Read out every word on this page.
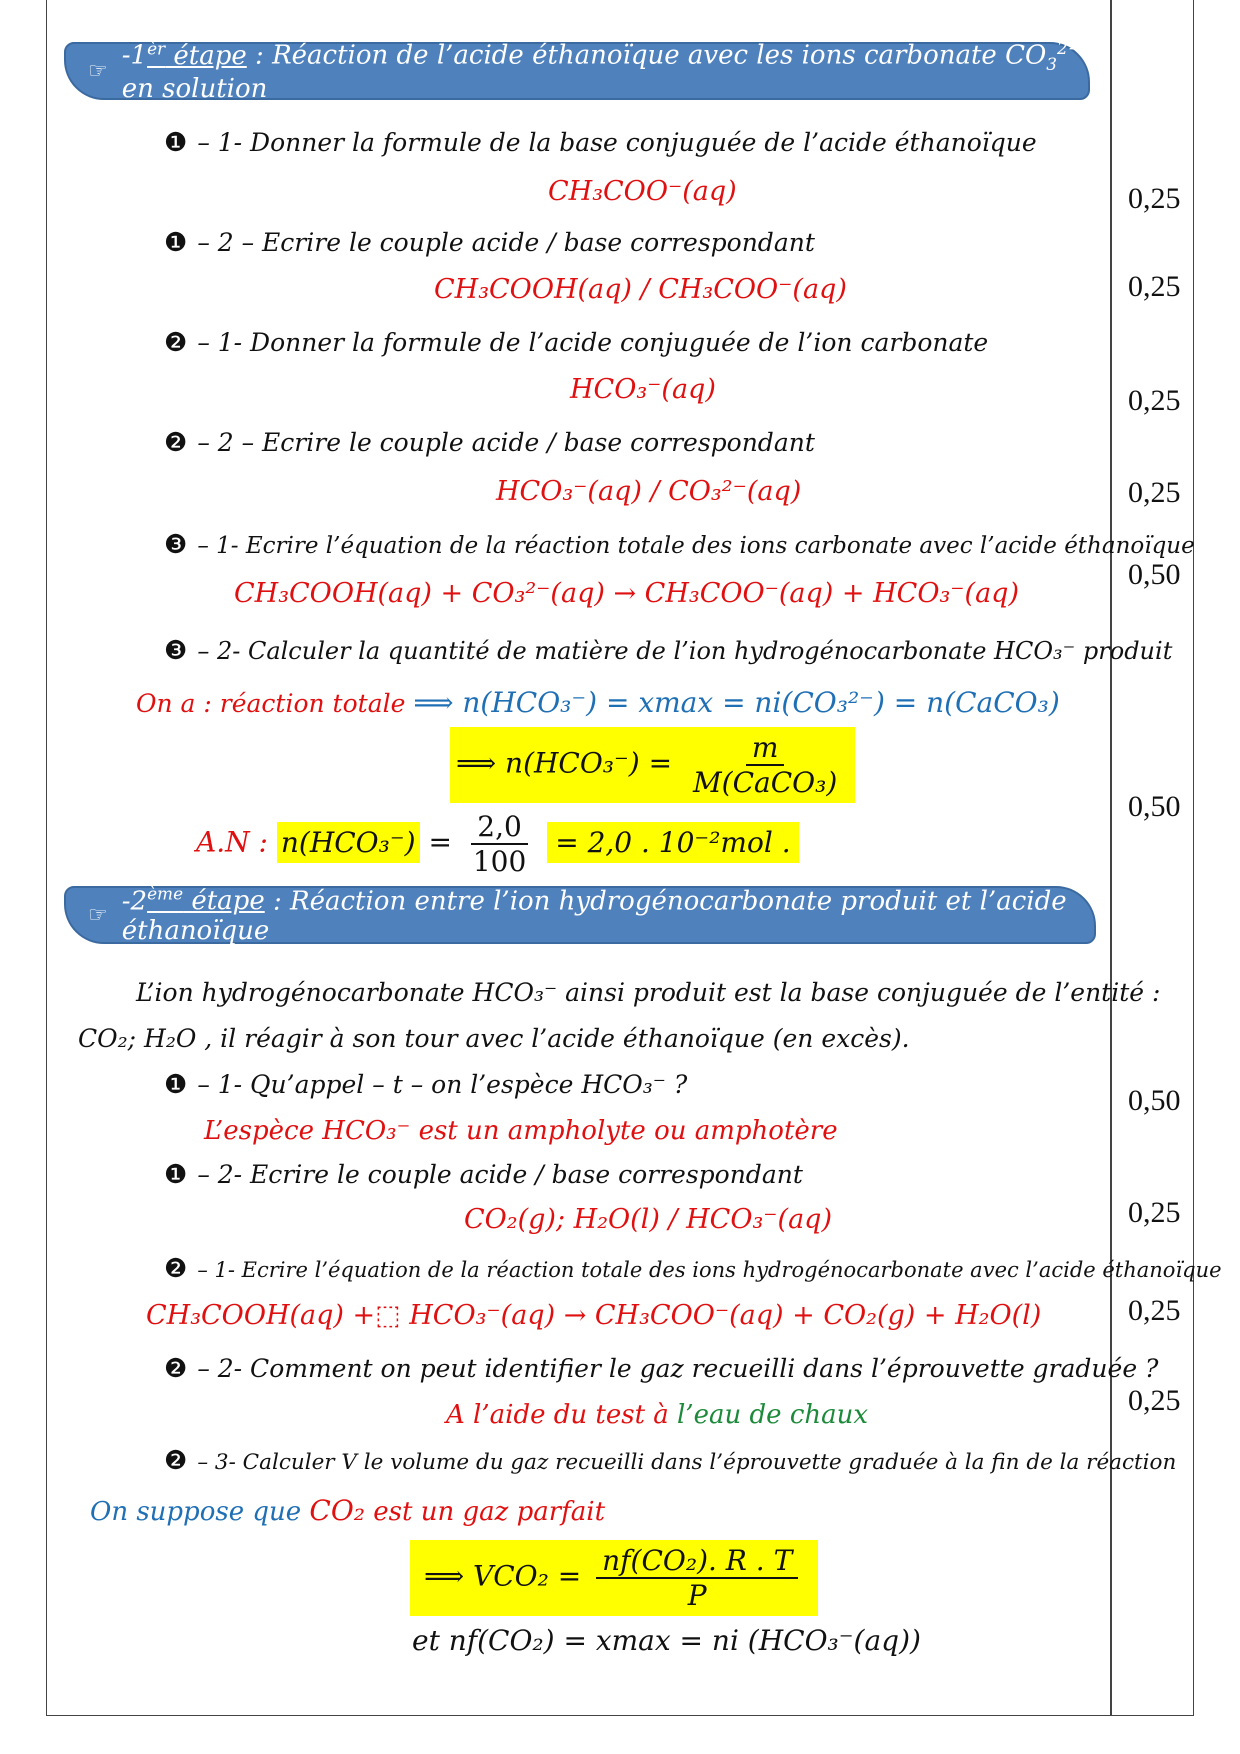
☞
$-1^{èr}$ étape : Réaction de l’acide éthanoïque avec les ions carbonate $CO_3^{2-}$ en solution
❶ – 1- Donner la formule de la base conjuguée de l’acide éthanoïque
CH₃COO⁻(aq)
❶ – 2 – Ecrire le couple acide / base correspondant
CH₃COOH(aq) / CH₃COO⁻(aq)
❷ – 1- Donner la formule de l’acide conjuguée de l’ion carbonate
HCO₃⁻(aq)
❷ – 2 – Ecrire le couple acide / base correspondant
HCO₃⁻(aq) / CO₃²⁻(aq)
❸ – 1- Ecrire l’équation de la réaction totale des ions carbonate avec l’acide éthanoïque
CH₃COOH(aq) + CO₃²⁻(aq) → CH₃COO⁻(aq) + HCO₃⁻(aq)
❸ – 2- Calculer la quantité de matière de l’ion hydrogénocarbonate HCO₃⁻ produit
On a : réaction totale ⟹ n(HCO₃⁻) = xmax = ni(CO₃²⁻) = n(CaCO₃)
⟹ $n(HCO_3^-) = \frac{m}{\text{M(CaCO₃)}}$
A.N : $n(HCO_3^-) = \frac{2,0}{100} = 2,0$ . 10⁻²mol .
☞ -2ème étape : Réaction entre l’ion hydrogénocarbonate produit et l’acide éthanoïque
L’ion hydrogénocarbonate HCO₃⁻ ainsi produit est la base conjuguée de l’entité :
CO₂; H₂O , il réagir à son tour avec l’acide éthanoïque (en excès).
❶ – 1- Qu’appel – t – on l’espèce HCO₃⁻ ?
L’espèce HCO₃⁻ est un ampholyte ou amphotère
❶ – 2- Ecrire le couple acide / base correspondant
CO₂(g); H₂O(l) / HCO₃⁻(aq)
❷ – 1- Ecrire l’équation de la réaction totale des ions hydrogénocarbonate avec l’acide éthanoïque
CH₃COOH(aq) +⬚ HCO₃⁻(aq) → CH₃COO⁻(aq) + CO₂(g) + H₂O(l)
❷ – 2- Comment on peut identifier le gaz recueilli dans l’éprouvette graduée ?
A l’aide du test à l’eau de chaux
❷ – 3- Calculer V le volume du gaz recueilli dans l’éprouvette graduée à la fin de la réaction
On suppose que CO₂ est un gaz parfait
⟹ $VCO_2 = \frac{\text{nf(CO₂). R . T}}{P}$
et nf(CO₂) = xmax = ni (HCO₃⁻(aq))
0,25
0,25
0,25
0,25
0,50
0,50
0,50
0,25
0,25
0,25
